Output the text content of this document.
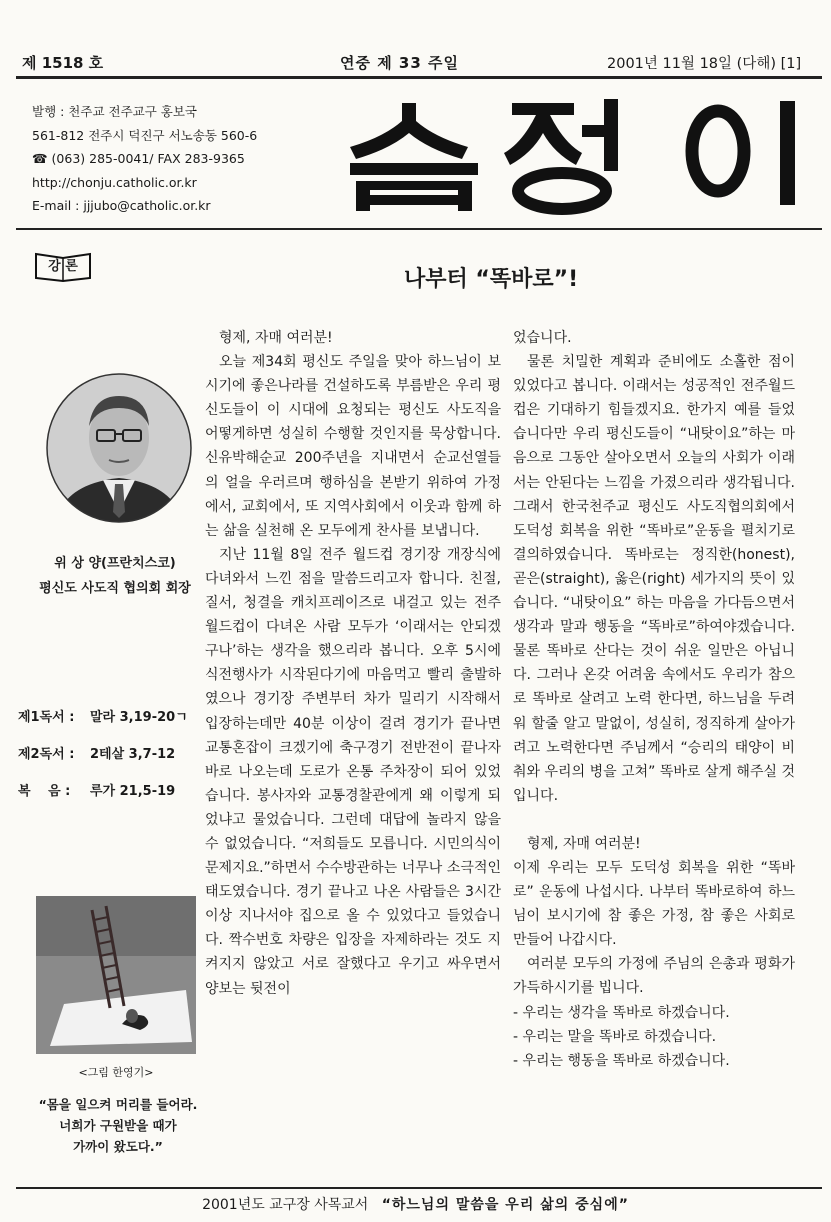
제 1518 호	연중 제 33 주일	2001년 11월 18일 (다해) [1]
발행 : 천주교 전주교구 홍보국
561-812 전주시 덕진구 서노송동 560-6
☎ (063) 285-0041/ FAX 283-9365
http://chonju.catholic.or.kr
E-mail : jjjubo@catholic.or.kr
강 론
나부터 “똑바로”!
위 상 양(프란치스코)
평신도 사도직 협의회 회장
제1독서 : 말라 3,19-20ㄱ
제2독서 : 2테살 3,7-12
복　 음 : 루가 21,5-19
<그림 한영기>
“몸을 일으켜 머리를 들어라.
너희가 구원받을 때가
가까이 왔도다.”

형제, 자매 여러분!

오늘 제34회 평신도 주일을 맞아 하느님이 보시기에 좋은나라를 건설하도록 부름받은 우리 평신도들이 이 시대에 요청되는 평신도 사도직을 어떻게하면 성실히 수행할 것인지를 묵상합니다. 신유박해순교 200주년을 지내면서 순교선열들의 얼을 우러르며 행하심을 본받기 위하여 가정에서, 교회에서, 또 지역사회에서 이웃과 함께 하는 삶을 실천해 온 모두에게 찬사를 보냅니다.

지난 11월 8일 전주 월드컵 경기장 개장식에 다녀와서 느낀 점을 말씀드리고자 합니다. 친절, 질서, 청결을 캐치프레이즈로 내걸고 있는 전주 월드컵이 다녀온 사람 모두가 ‘이래서는 안되겠구나’하는 생각을 했으리라 봅니다. 오후 5시에 식전행사가 시작된다기에 마음먹고 빨리 출발하였으나 경기장 주변부터 차가 밀리기 시작해서 입장하는데만 40분 이상이 걸려 경기가 끝나면 교통혼잡이 크겠기에 축구경기 전반전이 끝나자 바로 나오는데 도로가 온통 주차장이 되어 있었습니다. 봉사자와 교통경찰관에게 왜 이렇게 되었냐고 물었습니다. 그런데 대답에 놀라지 않을 수 없었습니다. “저희들도 모릅니다. 시민의식이 문제지요.”하면서 수수방관하는 너무나 소극적인 태도였습니다. 경기 끝나고 나온 사람들은 3시간이상 지나서야 집으로 올 수 있었다고 들었습니다. 짝수번호 차량은 입장을 자제하라는 것도 지켜지지 않았고 서로 잘했다고 우기고 싸우면서 양보는 뒷전이

었습니다.

물론 치밀한 계획과 준비에도 소홀한 점이 있었다고 봅니다. 이래서는 성공적인 전주월드컵은 기대하기 힘들겠지요. 한가지 예를 들었습니다만 우리 평신도들이 “내탓이요”하는 마음으로 그동안 살아오면서 오늘의 사회가 이래서는 안된다는 느낌을 가졌으리라 생각됩니다. 그래서 한국천주교 평신도 사도직협의회에서 도덕성 회복을 위한 “똑바로”운동을 펼치기로 결의하였습니다. 똑바로는 정직한(honest), 곧은(straight), 옳은(right) 세가지의 뜻이 있습니다. “내탓이요” 하는 마음을 가다듬으면서 생각과 말과 행동을 “똑바로”하여야겠습니다. 물론 똑바로 산다는 것이 쉬운 일만은 아닙니다. 그러나 온갖 어려움 속에서도 우리가 참으로 똑바로 살려고 노력 한다면, 하느님을 두려워 할줄 알고 말없이, 성실히, 정직하게 살아가려고 노력한다면 주님께서 “승리의 태양이 비춰와 우리의 병을 고쳐” 똑바로 살게 해주실 것입니다.

형제, 자매 여러분!

이제 우리는 모두 도덕성 회복을 위한 “똑바로” 운동에 나섭시다. 나부터 똑바로하여 하느님이 보시기에 참 좋은 가정, 참 좋은 사회로 만들어 나갑시다.

여러분 모두의 가정에 주님의 은총과 평화가 가득하시기를 빕니다.

- 우리는 생각을 똑바로 하겠습니다.

- 우리는 말을 똑바로 하겠습니다.

- 우리는 행동을 똑바로 하겠습니다.

2001년도 교구장 사목교서 “하느님의 말씀을 우리 삶의 중심에”
